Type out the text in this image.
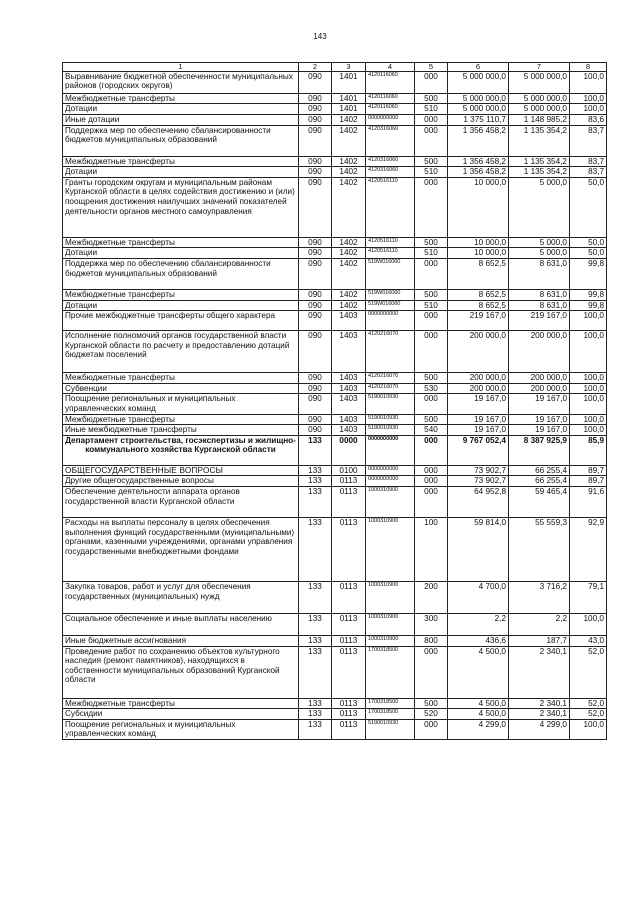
143
1	2	3	4	5	6	7	8
Выравнивание бюджетной обеспеченности муниципальных районов (городских округов)	090	1401	4120116060	000	5 000 000,0	5 000 000,0	100,0
Межбюджетные трансферты	090	1401	4120116060	500	5 000 000,0	5 000 000,0	100,0
Дотации	090	1401	4120116060	510	5 000 000,0	5 000 000,0	100,0
Иные дотации	090	1402	0000000000	000	1 375 110,7	1 148 985,2	83,6
Поддержка мер по обеспечению сбалансированности бюджетов муниципальных образований	090	1402	4120316060	000	1 356 458,2	1 135 354,2	83,7
Межбюджетные трансферты	090	1402	4120316060	500	1 356 458,2	1 135 354,2	83,7
Дотации	090	1402	4120316060	510	1 356 458,2	1 135 354,2	83,7
Гранты городским округам и муниципальным районам Курганской области в целях содействия достижению и (или) поощрения достижения наилучших значений показателей деятельности органов местного самоуправления	090	1402	4120516110	000	10 000,0	5 000,0	50,0
Межбюджетные трансферты	090	1402	4120516110	500	10 000,0	5 000,0	50,0
Дотации	090	1402	4120516110	510	10 000,0	5 000,0	50,0
Поддержка мер по обеспечению сбалансированности бюджетов муниципальных образований	090	1402	519W016060	000	8 652,5	8 631,0	99,8
Межбюджетные трансферты	090	1402	519W016060	500	8 652,5	8 631,0	99,8
Дотации	090	1402	519W016060	510	8 652,5	8 631,0	99,8
Прочие межбюджетные трансферты общего характера	090	1403	0000000000	000	219 167,0	219 167,0	100,0
Исполнение полномочий органов государственной власти Курганской области по расчету и предоставлению дотаций бюджетам поселений	090	1403	4120216070	000	200 000,0	200 000,0	100,0
Межбюджетные трансферты	090	1403	4120216070	500	200 000,0	200 000,0	100,0
Субвенции	090	1403	4120216070	530	200 000,0	200 000,0	100,0
Поощрение региональных и муниципальных управленческих команд	090	1403	5190010930	000	19 167,0	19 167,0	100,0
Межбюджетные трансферты	090	1403	5190010930	500	19 167,0	19 167,0	100,0
Иные межбюджетные трансферты	090	1403	5190010930	540	19 167,0	19 167,0	100,0
Департамент строительства, госэкспертизы и жилищно-коммунального хозяйства Курганской области	133	0000	0000000000	000	9 767 052,4	8 387 925,9	85,9
ОБЩЕГОСУДАРСТВЕННЫЕ ВОПРОСЫ	133	0100	0000000000	000	73 902,7	66 255,4	89,7
Другие общегосударственные вопросы	133	0113	0000000000	000	73 902,7	66 255,4	89,7
Обеспечение деятельности аппарата органов государственной власти Курганской области	133	0113	1000310900	000	64 952,8	59 465,4	91,6
Расходы на выплаты персоналу в целях обеспечения выполнения функций государственными (муниципальными) органами, казенными учреждениями, органами управления государственными внебюджетными фондами	133	0113	1000310900	100	59 814,0	55 559,3	92,9
Закупка товаров, работ и услуг для обеспечения государственных (муниципальных) нужд	133	0113	1000310900	200	4 700,0	3 716,2	79,1
Социальное обеспечение и иные выплаты населению	133	0113	1000310900	300	2,2	2,2	100,0
Иные бюджетные ассигнования	133	0113	1000310900	800	436,6	187,7	43,0
Проведение работ по сохранению объектов культурного наследия (ремонт памятников), находящихся в собственности муниципальных образований Курганской области	133	0113	1700318500	000	4 500,0	2 340,1	52,0
Межбюджетные трансферты	133	0113	1700318500	500	4 500,0	2 340,1	52,0
Субсидии	133	0113	1700318500	520	4 500,0	2 340,1	52,0
Поощрение региональных и муниципальных управленческих команд	133	0113	5190010930	000	4 299,0	4 299,0	100,0
